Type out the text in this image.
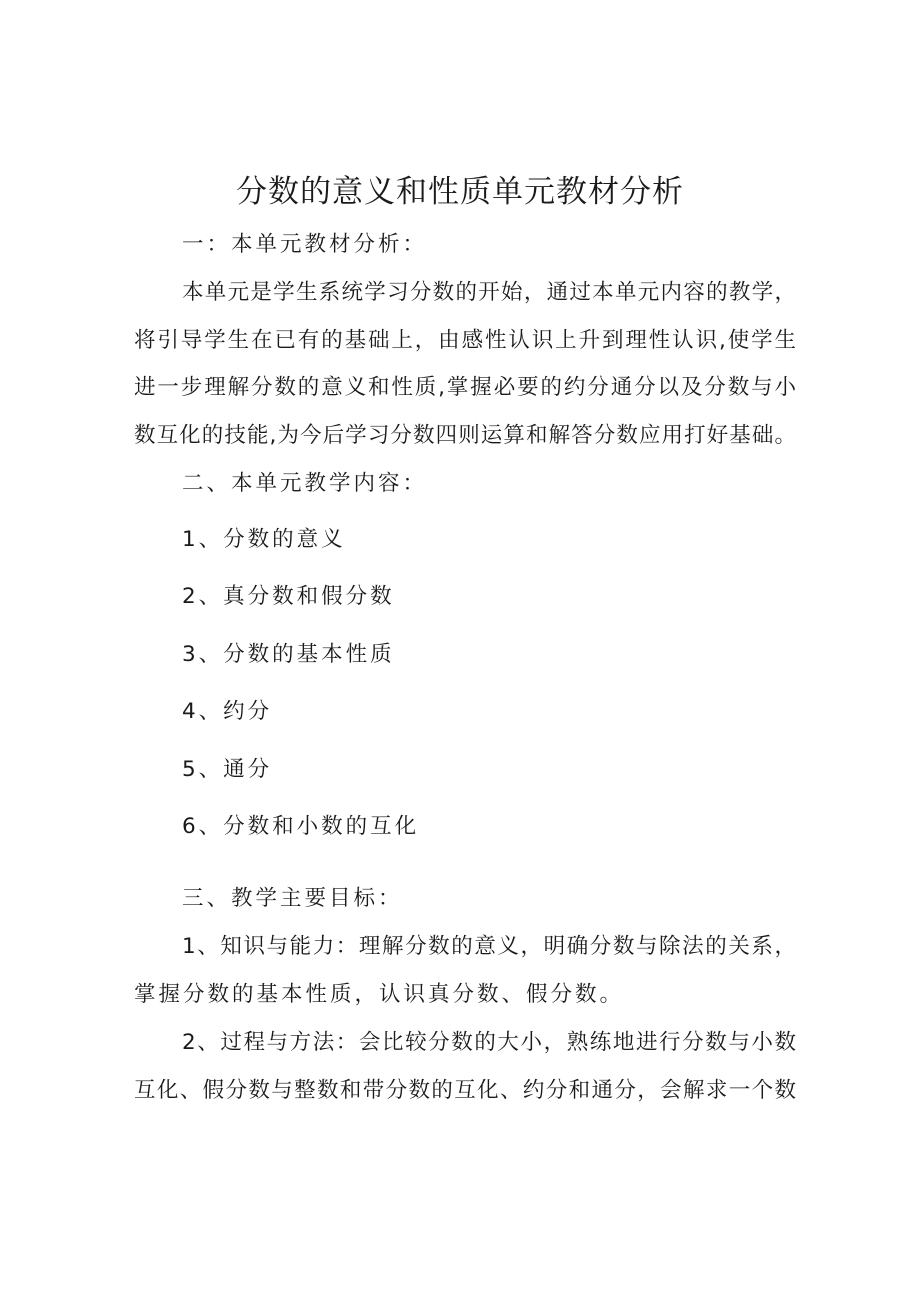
分数的意义和性质单元教材分析
一：本单元教材分析：
本单元是学生系统学习分数的开始，通过本单元内容的教学，
将引导学生在已有的基础上，由感性认识上升到理性认识,使学生
进一步理解分数的意义和性质,掌握必要的约分通分以及分数与小
数互化的技能,为今后学习分数四则运算和解答分数应用打好基础。
二、本单元教学内容：
1、分数的意义
2、真分数和假分数
3、分数的基本性质
4、约分
5、通分
6、分数和小数的互化
三、教学主要目标：
1、知识与能力：理解分数的意义，明确分数与除法的关系，
掌握分数的基本性质，认识真分数、假分数。
2、过程与方法：会比较分数的大小，熟练地进行分数与小数
互化、假分数与整数和带分数的互化、约分和通分，会解求一个数
